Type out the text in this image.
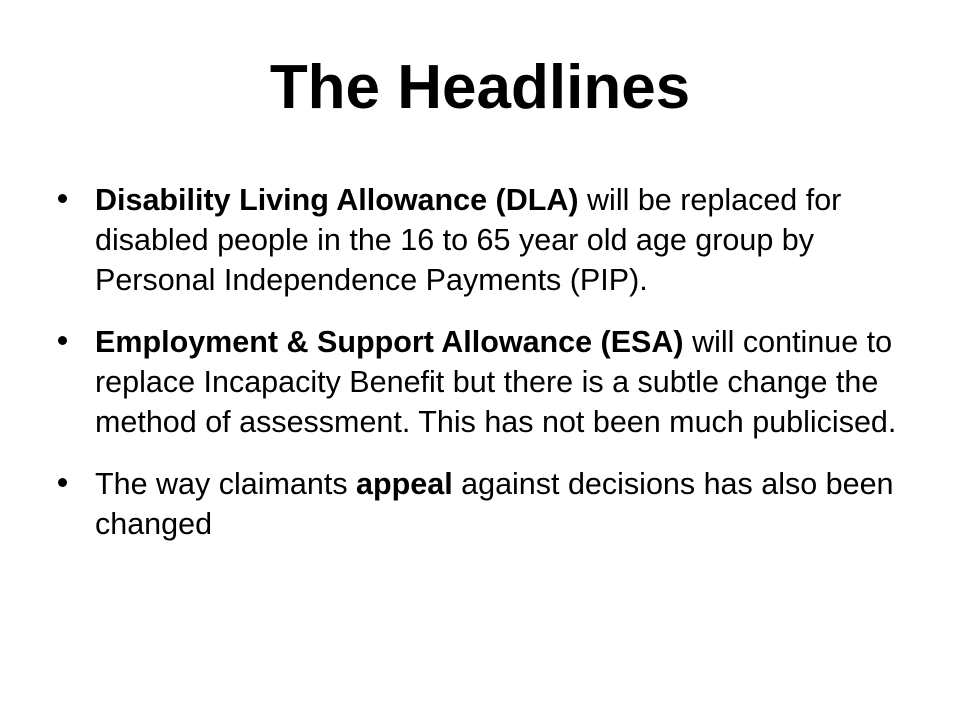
The Headlines
Disability Living Allowance (DLA) will be replaced for disabled people in the 16 to 65 year old age group by Personal Independence Payments (PIP).
Employment & Support Allowance (ESA) will continue to replace Incapacity Benefit but there is a subtle change the method of assessment. This has not been much publicised.
The way claimants appeal against decisions has also been changed
